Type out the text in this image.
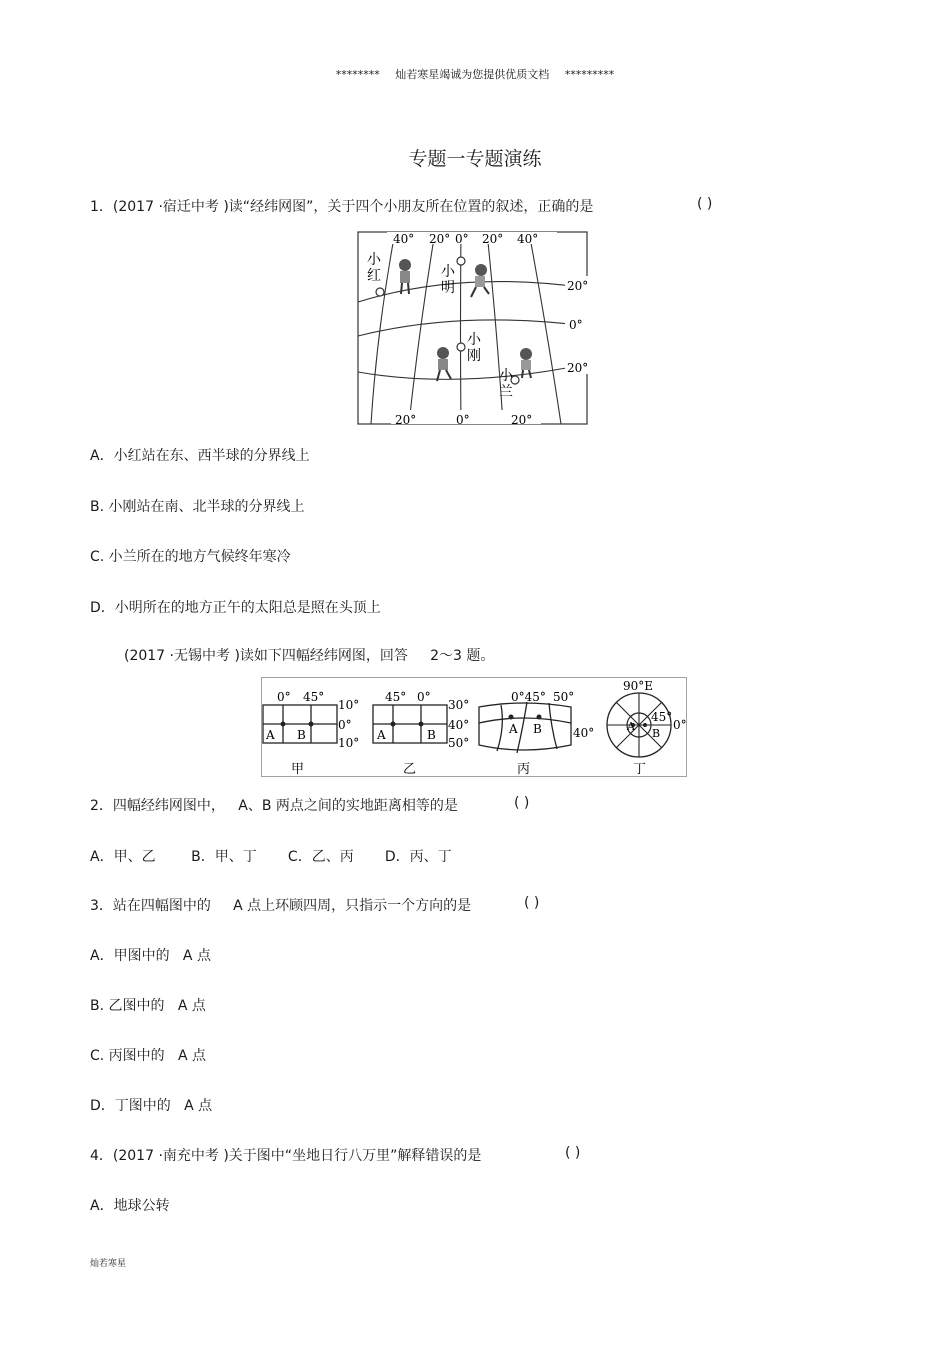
******** 灿若寒星竭诚为您提供优质文档 *********
专题一专题演练
1．(2017 ·宿迁中考 )读“经纬网图”，关于四个小朋友所在位置的叙述，正确的是	( )
40° 20° 0° 20° 40°
20°	0°	20°
20°
0°
20°
小
红	小
明
小
刚
小
兰
A．小红站在东、西半球的分界线上
B. 小刚站在南、北半球的分界线上
C. 小兰所在的地方气候终年寒冷
D．小明所在的地方正午的太阳总是照在头顶上
(2017 ·无锡中考 )读如下四幅经纬网图，回答     2～3 题。
A B
0° 45°
10°
0°
10°
甲
A	B
45° 0°
30°
40°
50°
乙
A B
0°45° 50°
40°
丙
A
B
90°E
45°
0°
丁
2．四幅经纬网图中，   A、B 两点之间的实地距离相等的是	( )
A．甲、乙        B．甲、丁       C．乙、丙       D．丙、丁
3．站在四幅图中的     A 点上环顾四周，只指示一个方向的是	( )
A．甲图中的   A 点
B. 乙图中的   A 点
C. 丙图中的   A 点
D．丁图中的   A 点
4．(2017 ·南充中考 )关于图中“坐地日行八万里”解释错误的是	( )
A．地球公转
灿若寒星
